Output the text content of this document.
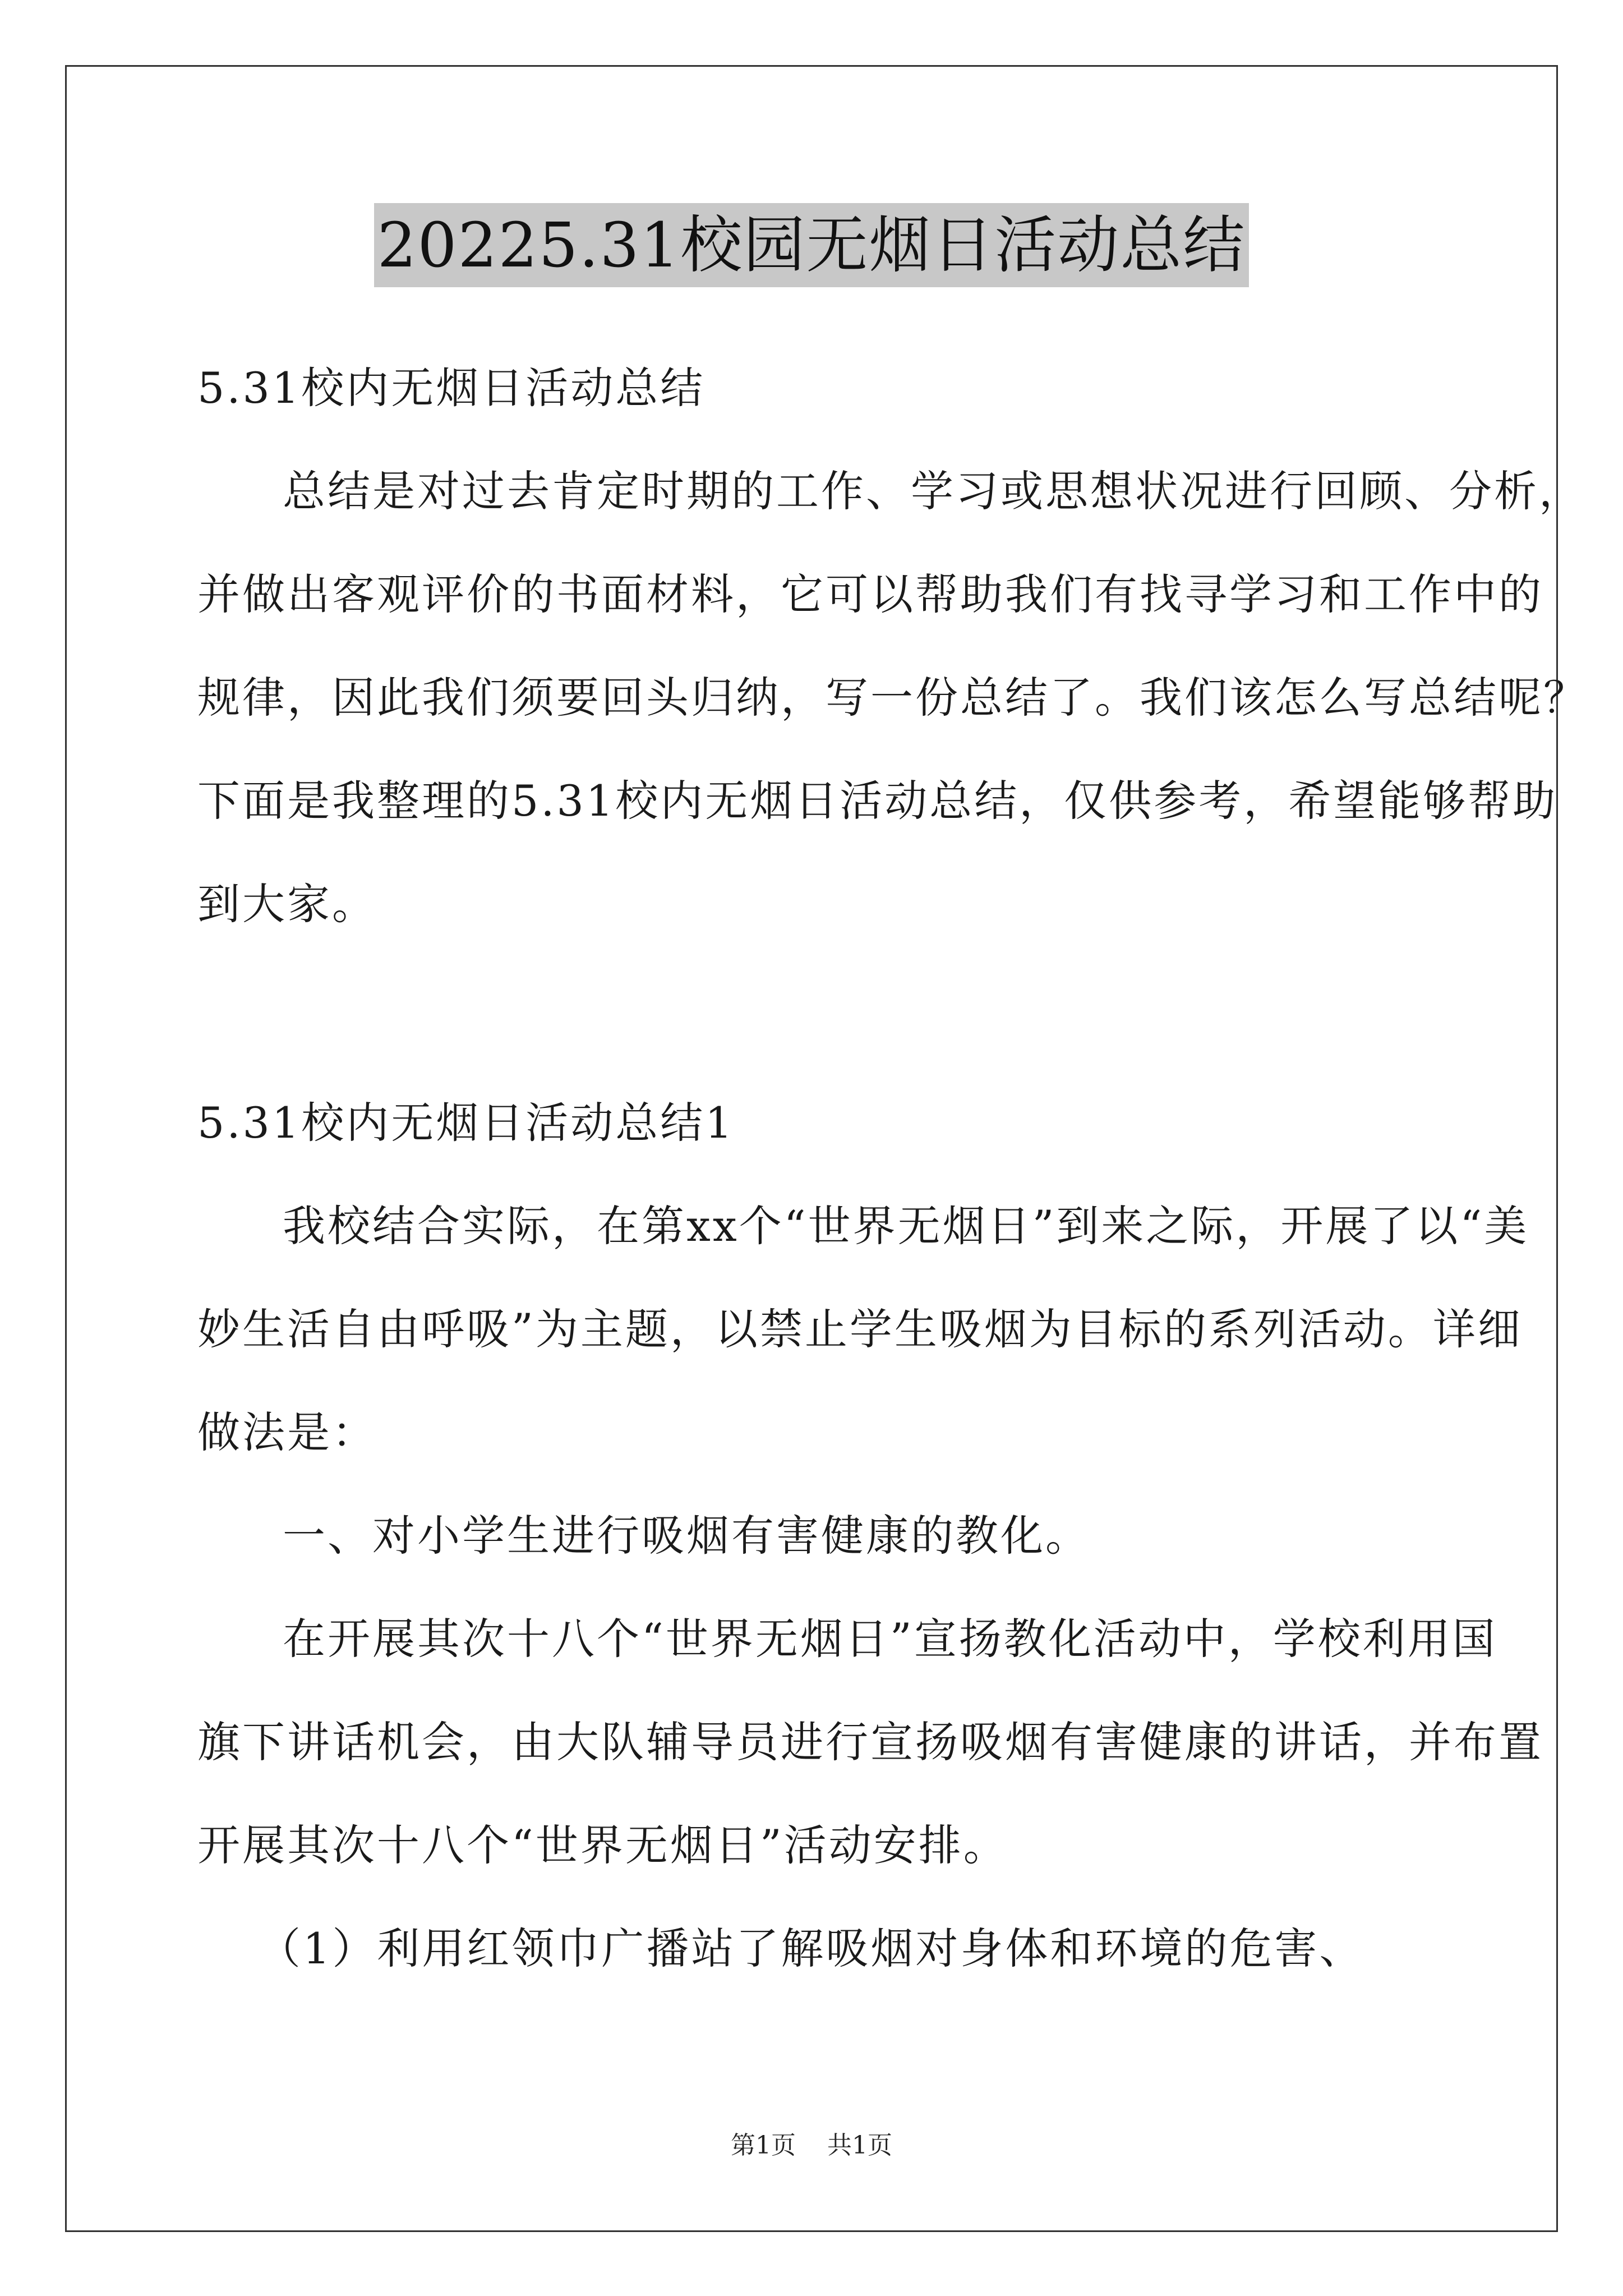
20225.31校园无烟日活动总结
5.31校内无烟日活动总结
总结是对过去肯定时期的工作、学习或思想状况进行回顾、分析，
并做出客观评价的书面材料，它可以帮助我们有找寻学习和工作中的
规律，因此我们须要回头归纳，写一份总结了。我们该怎么写总结呢？
下面是我整理的5.31校内无烟日活动总结，仅供参考，希望能够帮助
到大家。
5.31校内无烟日活动总结1
我校结合实际，在第xx个“世界无烟日”到来之际，开展了以“美
妙生活自由呼吸”为主题，以禁止学生吸烟为目标的系列活动。详细
做法是：
一、对小学生进行吸烟有害健康的教化。
在开展其次十八个“世界无烟日”宣扬教化活动中，学校利用国
旗下讲话机会，由大队辅导员进行宣扬吸烟有害健康的讲话，并布置
开展其次十八个“世界无烟日”活动安排。
（1）利用红领巾广播站了解吸烟对身体和环境的危害、
第1页    共1页
